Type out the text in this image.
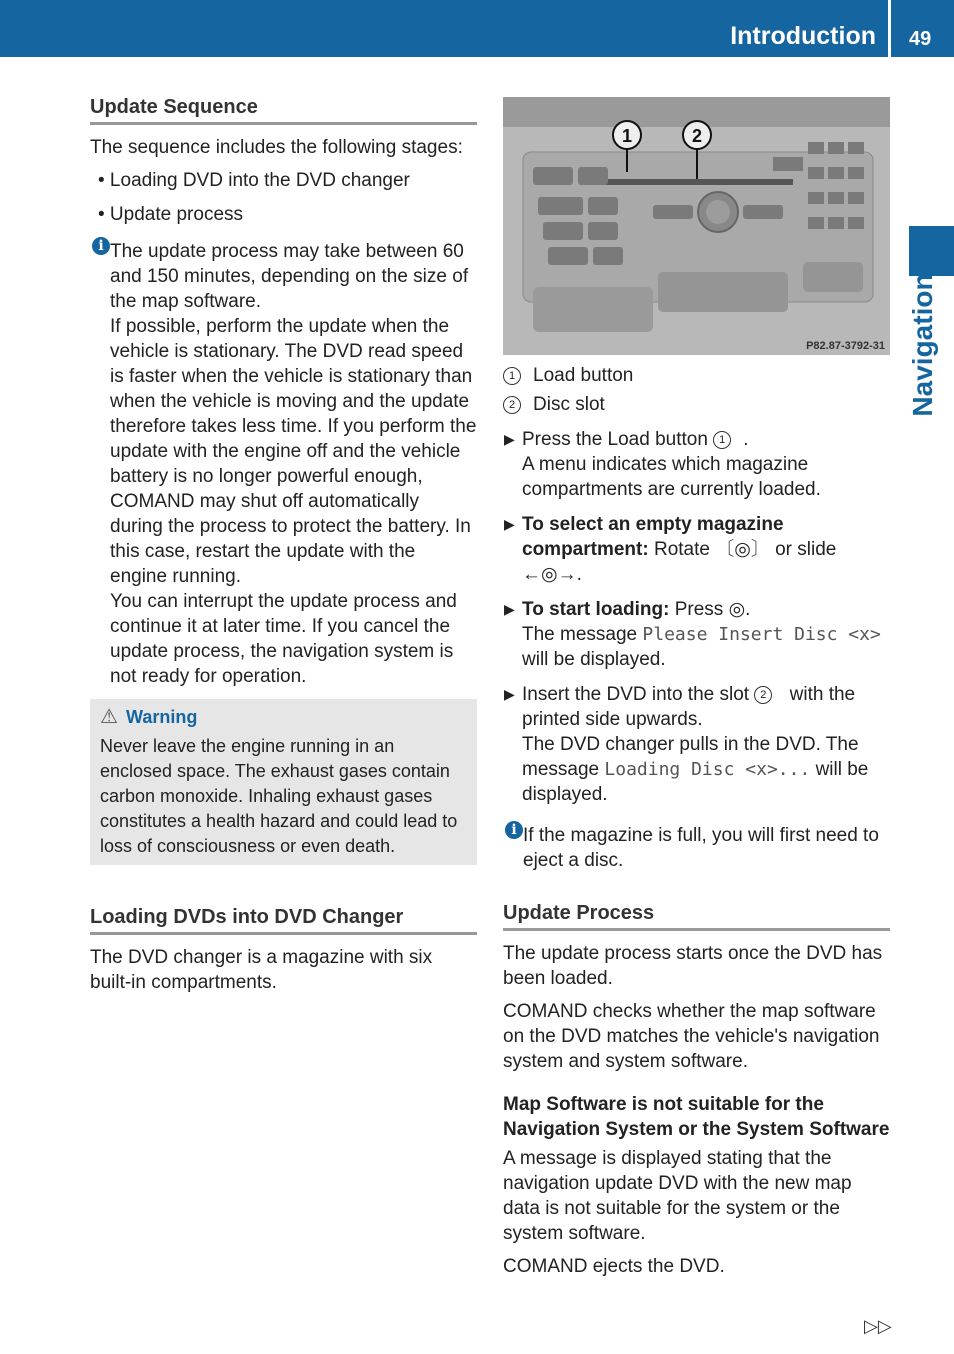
Introduction 49
Navigation
Update Sequence

The sequence includes the following stages:

• Loading DVD into the DVD changer

• Update process

i The update process may take between 60 and 150 minutes, depending on the size of the map software.

If possible, perform the update when the vehicle is stationary. The DVD read speed is faster when the vehicle is stationary than when the vehicle is moving and the update therefore takes less time. If you perform the update with the engine off and the vehicle battery is no longer powerful enough, COMAND may shut off automatically during the process to protect the battery. In this case, restart the update with the engine running.

You can interrupt the update process and continue it at later time. If you cancel the update process, the navigation system is not ready for operation.

⚠ Warning
Never leave the engine running in an enclosed space. The exhaust gases contain carbon monoxide. Inhaling exhaust gases constitutes a health hazard and could lead to loss of consciousness or even death.
Loading DVDs into DVD Changer

The DVD changer is a magazine with six built-in compartments.

1	2
P82.87-3792-31

1 Load button

2 Disc slot

▶ Press the Load button 1 .
A menu indicates which magazine compartments are currently loaded.
▶ To select an empty magazine compartment: Rotate 〔◎〕 or slide ←◎→.
▶ To start loading: Press ◎.
The message Please Insert Disc <x> will be displayed.
▶ Insert the DVD into the slot 2 with the printed side upwards.
The DVD changer pulls in the DVD. The message Loading Disc <x>... will be displayed.
i If the magazine is full, you will first need to eject a disc.

Update Process

The update process starts once the DVD has been loaded.

COMAND checks whether the map software on the DVD matches the vehicle's navigation system and system software.

Map Software is not suitable for the Navigation System or the System Software

A message is displayed stating that the navigation update DVD with the new map data is not suitable for the system or the system software.

COMAND ejects the DVD.

▷▷
